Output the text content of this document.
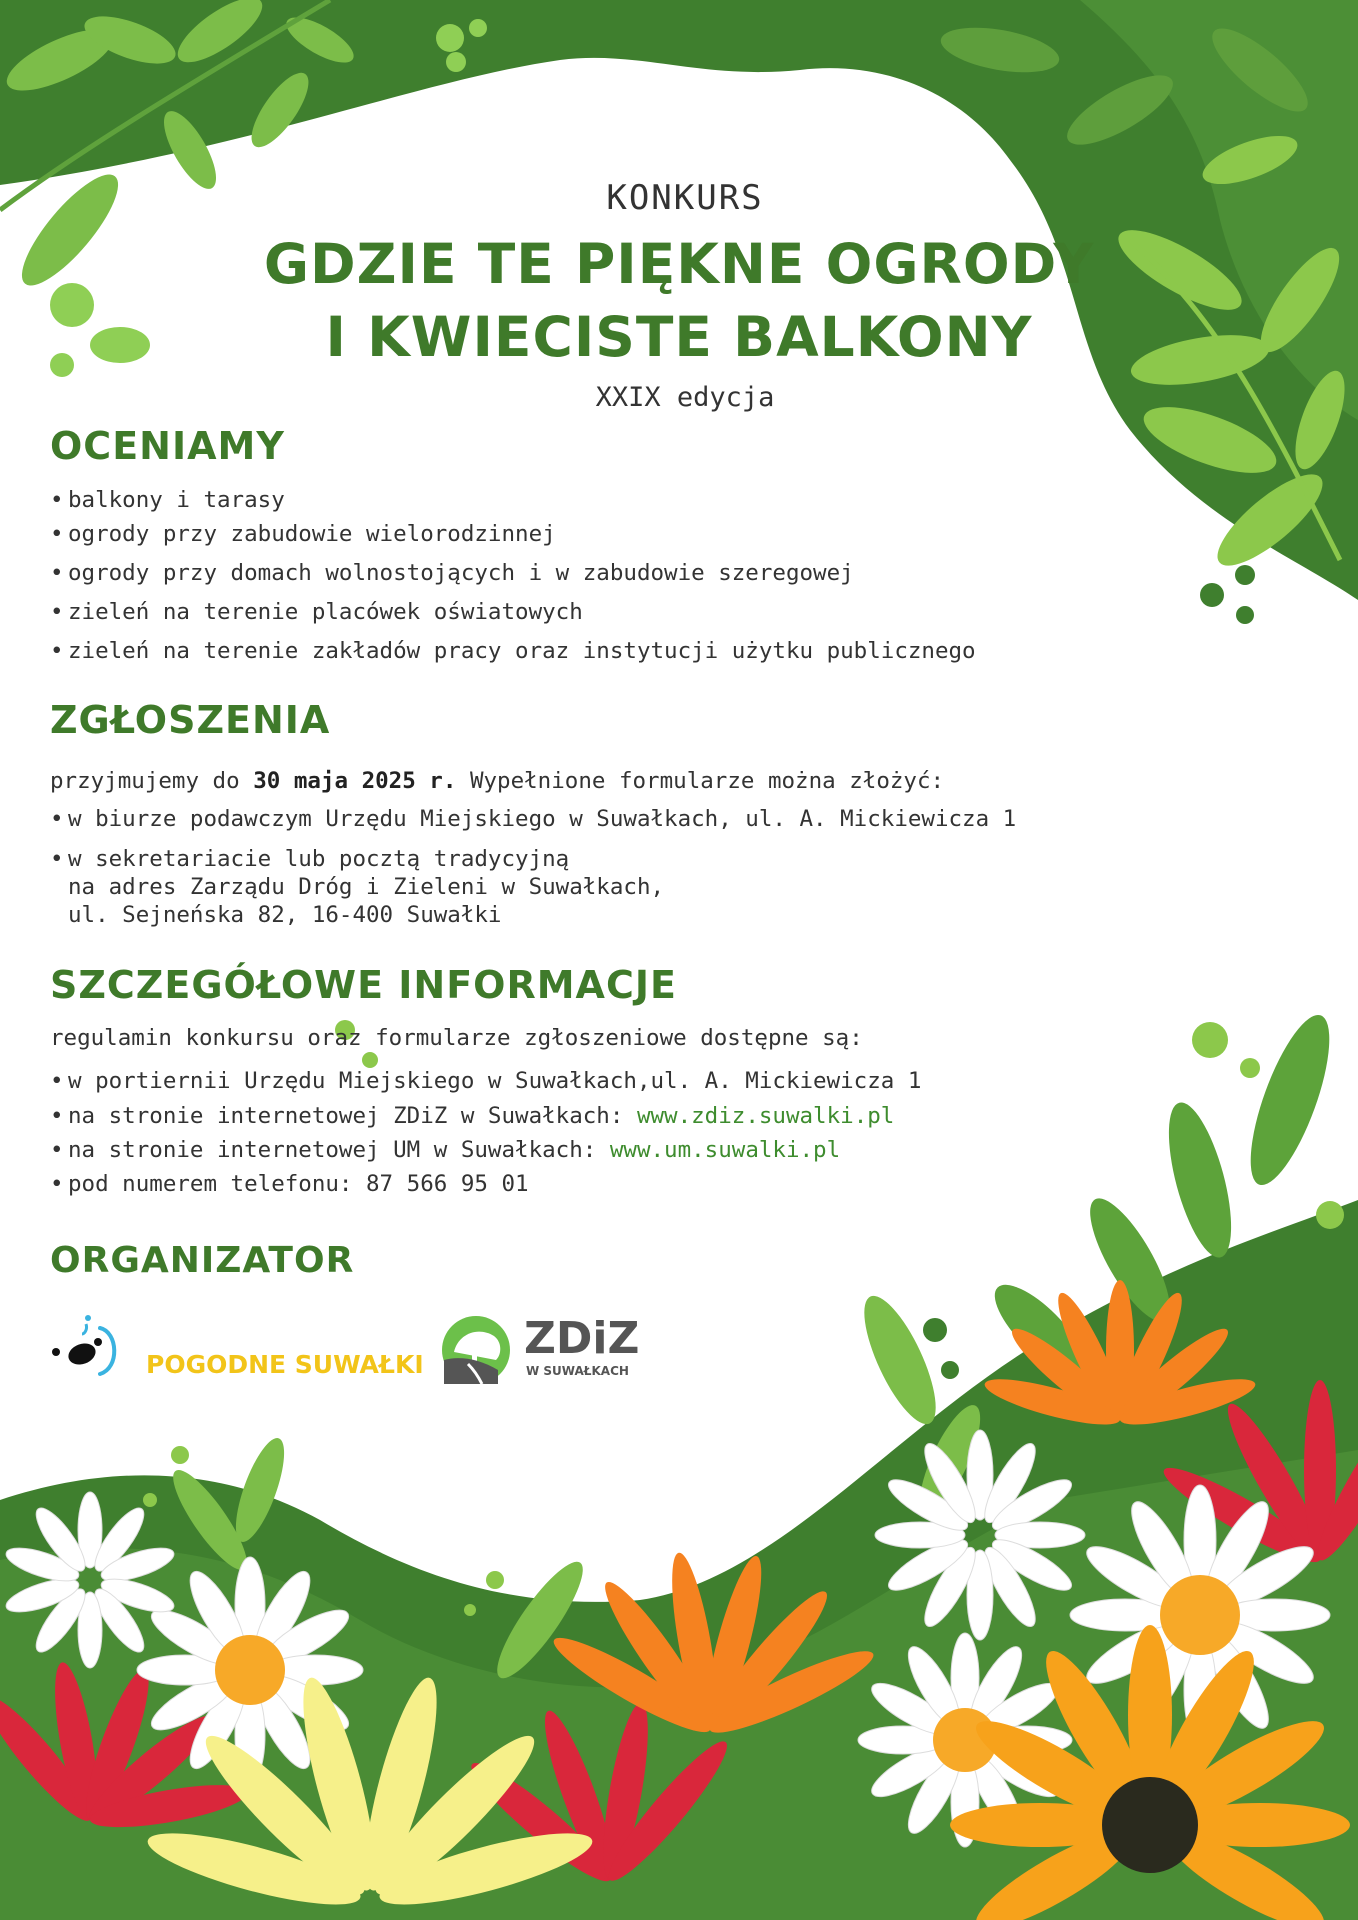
KONKURS
GDZIE TE PIĘKNE OGRODY
I KWIECISTE BALKONY
XXIX edycja
OCENIAMY
• balkony i tarasy
• ogrody przy zabudowie wielorodzinnej
• ogrody przy domach wolnostojących i w zabudowie szeregowej
• zieleń na terenie placówek oświatowych
• zieleń na terenie zakładów pracy oraz instytucji użytku publicznego
ZGŁOSZENIA
przyjmujemy do 30 maja 2025 r. Wypełnione formularze można złożyć:
• w biurze podawczym Urzędu Miejskiego w Suwałkach, ul. A. Mickiewicza 1
• w sekretariacie lub pocztą tradycyjną
na adres Zarządu Dróg i Zieleni w Suwałkach,
ul. Sejneńska 82, 16-400 Suwałki
SZCZEGÓŁOWE INFORMACJE
regulamin konkursu oraz formularze zgłoszeniowe dostępne są:
• w portiernii Urzędu Miejskiego w Suwałkach,ul. A. Mickiewicza 1
• na stronie internetowej ZDiZ w Suwałkach: www.zdiz.suwalki.pl
• na stronie internetowej UM w Suwałkach: www.um.suwalki.pl
• pod numerem telefonu: 87 566 95 01
ORGANIZATOR
POGODNE SUWAŁKI
ZDiZ
W SUWAŁKACH
